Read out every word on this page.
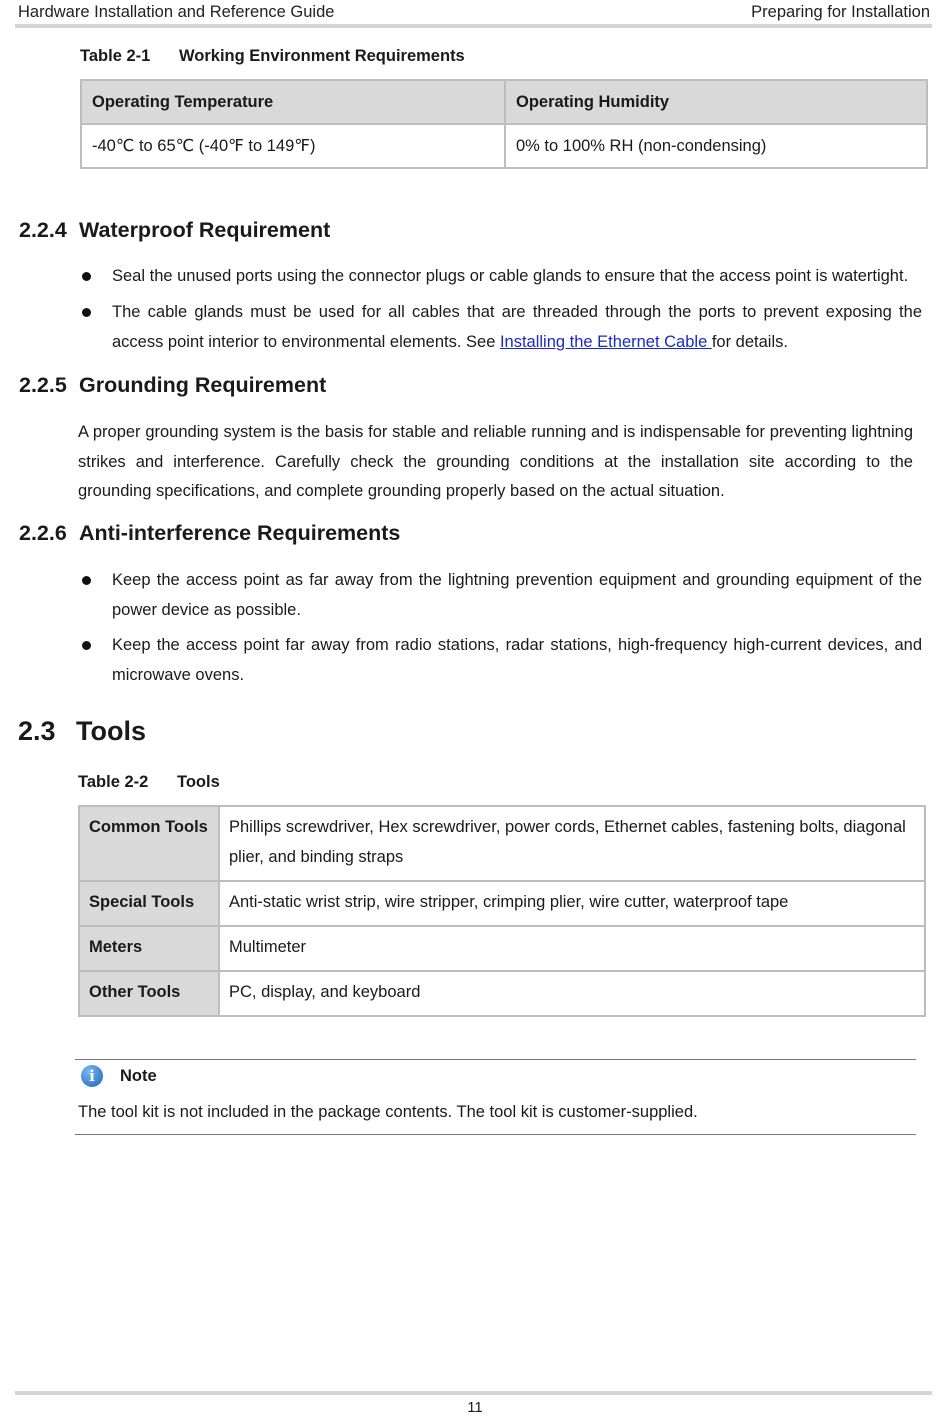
Hardware Installation and Reference Guide	Preparing for Installation
Table 2-1 Working Environment Requirements
Operating Temperature	Operating Humidity
-40℃ to 65℃ (-40℉ to 149℉)	0% to 100% RH (non-condensing)
2.2.4 Waterproof Requirement
Seal the unused ports using the connector plugs or cable glands to ensure that the access point is watertight.
The cable glands must be used for all cables that are threaded through the ports to prevent exposing the access point interior to environmental elements. See Installing the Ethernet Cable for details.
2.2.5 Grounding Requirement
A proper grounding system is the basis for stable and reliable running and is indispensable for preventing lightning strikes and interference. Carefully check the grounding conditions at the installation site according to the grounding specifications, and complete grounding properly based on the actual situation.
2.2.6 Anti-interference Requirements
Keep the access point as far away from the lightning prevention equipment and grounding equipment of the power device as possible.
Keep the access point far away from radio stations, radar stations, high-frequency high-current devices, and microwave ovens.
2.3 Tools
Table 2-2 Tools
Common Tools	Phillips screwdriver, Hex screwdriver, power cords, Ethernet cables, fastening bolts, diagonal plier, and binding straps
Special Tools	Anti-static wrist strip, wire stripper, crimping plier, wire cutter, waterproof tape
Meters	Multimeter
Other Tools	PC, display, and keyboard
i	Note
The tool kit is not included in the package contents. The tool kit is customer-supplied.
11
